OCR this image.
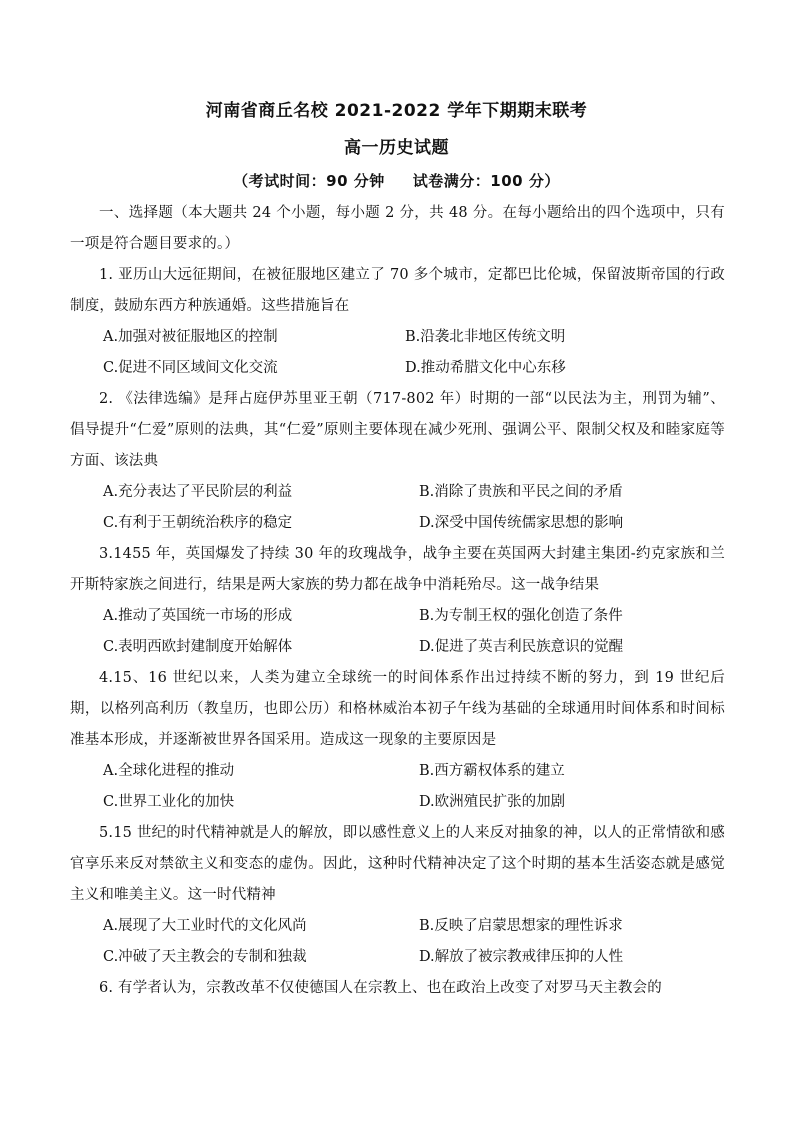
河南省商丘名校 2021-2022 学年下期期末联考
高一历史试题
（考试时间：90 分钟 试卷满分：100 分）
一、选择题（本大题共 24 个小题，每小题 2 分，共 48 分。在每小题给出的四个选项中，只有一项是符合题目要求的。）
1. 亚历山大远征期间，在被征服地区建立了 70 多个城市，定都巴比伦城，保留波斯帝国的行政制度，鼓励东西方种族通婚。这些措施旨在
A.加强对被征服地区的控制	B.沿袭北非地区传统文明
C.促进不同区域间文化交流	D.推动希腊文化中心东移
2. 《法律选编》是拜占庭伊苏里亚王朝（717-802 年）时期的一部“以民法为主，刑罚为辅”、倡导提升“仁爱”原则的法典，其“仁爱”原则主要体现在减少死刑、强调公平、限制父权及和睦家庭等方面、该法典
A.充分表达了平民阶层的利益	B.消除了贵族和平民之间的矛盾
C.有利于王朝统治秩序的稳定	D.深受中国传统儒家思想的影响
3.1455 年，英国爆发了持续 30 年的玫瑰战争，战争主要在英国两大封建主集团-约克家族和兰开斯特家族之间进行，结果是两大家族的势力都在战争中消耗殆尽。这一战争结果
A.推动了英国统一市场的形成	B.为专制王权的强化创造了条件
C.表明西欧封建制度开始解体	D.促进了英吉利民族意识的觉醒
4.15、16 世纪以来，人类为建立全球统一的时间体系作出过持续不断的努力，到 19 世纪后期，以格列高利历（教皇历，也即公历）和格林威治本初子午线为基础的全球通用时间体系和时间标准基本形成，并逐渐被世界各国采用。造成这一现象的主要原因是
A.全球化进程的推动	B.西方霸权体系的建立
C.世界工业化的加快	D.欧洲殖民扩张的加剧
5.15 世纪的时代精神就是人的解放，即以感性意义上的人来反对抽象的神，以人的正常情欲和感官享乐来反对禁欲主义和变态的虚伪。因此，这种时代精神决定了这个时期的基本生活姿态就是感觉主义和唯美主义。这一时代精神
A.展现了大工业时代的文化风尚	B.反映了启蒙思想家的理性诉求
C.冲破了天主教会的专制和独裁	D.解放了被宗教戒律压抑的人性
6. 有学者认为，宗教改革不仅使德国人在宗教上、也在政治上改变了对罗马天主教会的
